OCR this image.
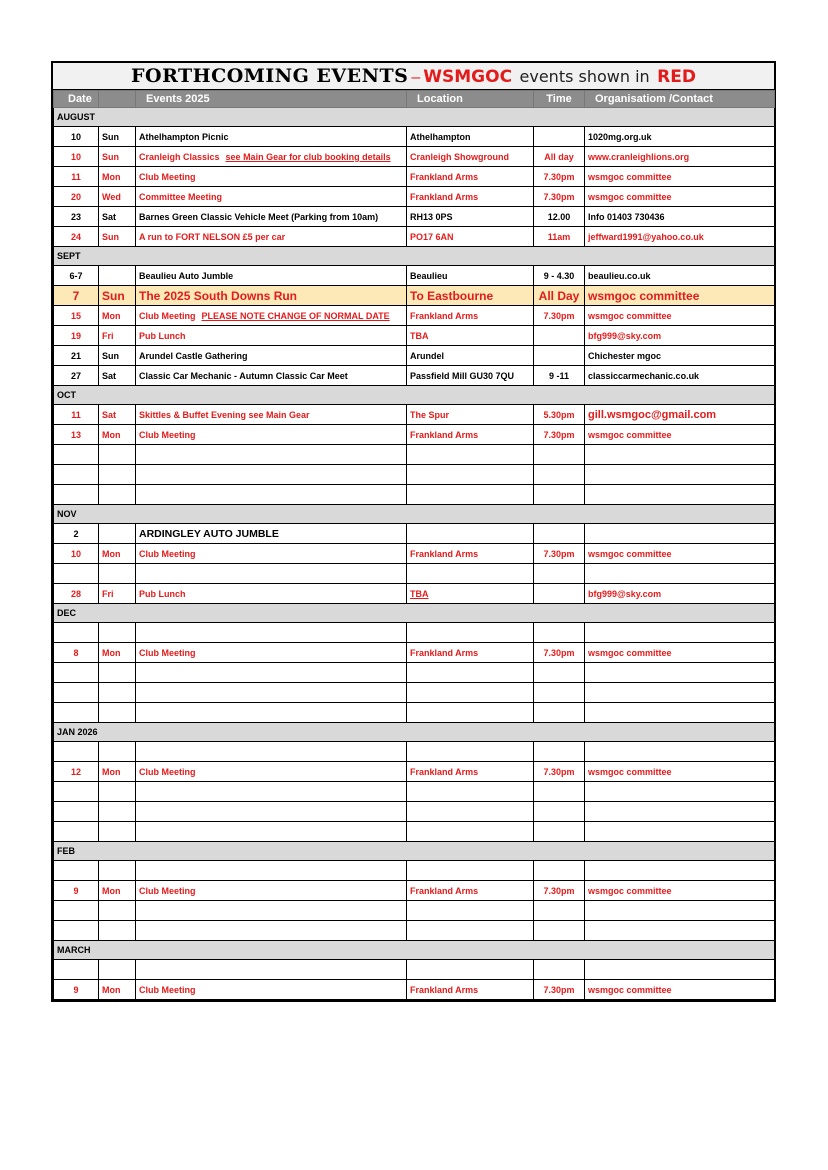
FORTHCOMING EVENTS – WSMGOC events shown in RED
Date		Events 2025	Location	Time	Organisatiom /Contact
AUGUST					
10	Sun	Athelhampton Picnic	Athelhampton		1020mg.org.uk
10	Sun	Cranleigh Classics see Main Gear for club booking details	Cranleigh Showground	All day	www.cranleighlions.org
11	Mon	Club Meeting	Frankland Arms	7.30pm	wsmgoc committee
20	Wed	Committee Meeting	Frankland Arms	7.30pm	wsmgoc committee
23	Sat	Barnes Green Classic Vehicle Meet (Parking from 10am)	RH13 0PS	12.00	Info 01403 730436
24	Sun	A run to FORT NELSON £5 per car	PO17 6AN	11am	jeffward1991@yahoo.co.uk
SEPT					
6-7		Beaulieu Auto Jumble	Beaulieu	9 - 4.30	beaulieu.co.uk
7	Sun	The 2025 South Downs Run	To Eastbourne	All Day	wsmgoc committee
15	Mon	Club Meeting PLEASE NOTE CHANGE OF NORMAL DATE	Frankland Arms	7.30pm	wsmgoc committee
19	Fri	Pub Lunch	TBA		bfg999@sky.com
21	Sun	Arundel Castle Gathering	Arundel		Chichester mgoc
27	Sat	Classic Car Mechanic - Autumn Classic Car Meet	Passfield Mill GU30 7QU	9 -11	classiccarmechanic.co.uk
OCT					
11	Sat	Skittles & Buffet Evening see Main Gear	The Spur	5.30pm	gill.wsmgoc@gmail.com
13	Mon	Club Meeting	Frankland Arms	7.30pm	wsmgoc committee

NOV					
2		ARDINGLEY AUTO JUMBLE			
10	Mon	Club Meeting	Frankland Arms	7.30pm	wsmgoc committee

28	Fri	Pub Lunch	TBA		bfg999@sky.com
DEC					

8	Mon	Club Meeting	Frankland Arms	7.30pm	wsmgoc committee

JAN 2026					

12	Mon	Club Meeting	Frankland Arms	7.30pm	wsmgoc committee

FEB					

9	Mon	Club Meeting	Frankland Arms	7.30pm	wsmgoc committee

MARCH					

9	Mon	Club Meeting	Frankland Arms	7.30pm	wsmgoc committee
